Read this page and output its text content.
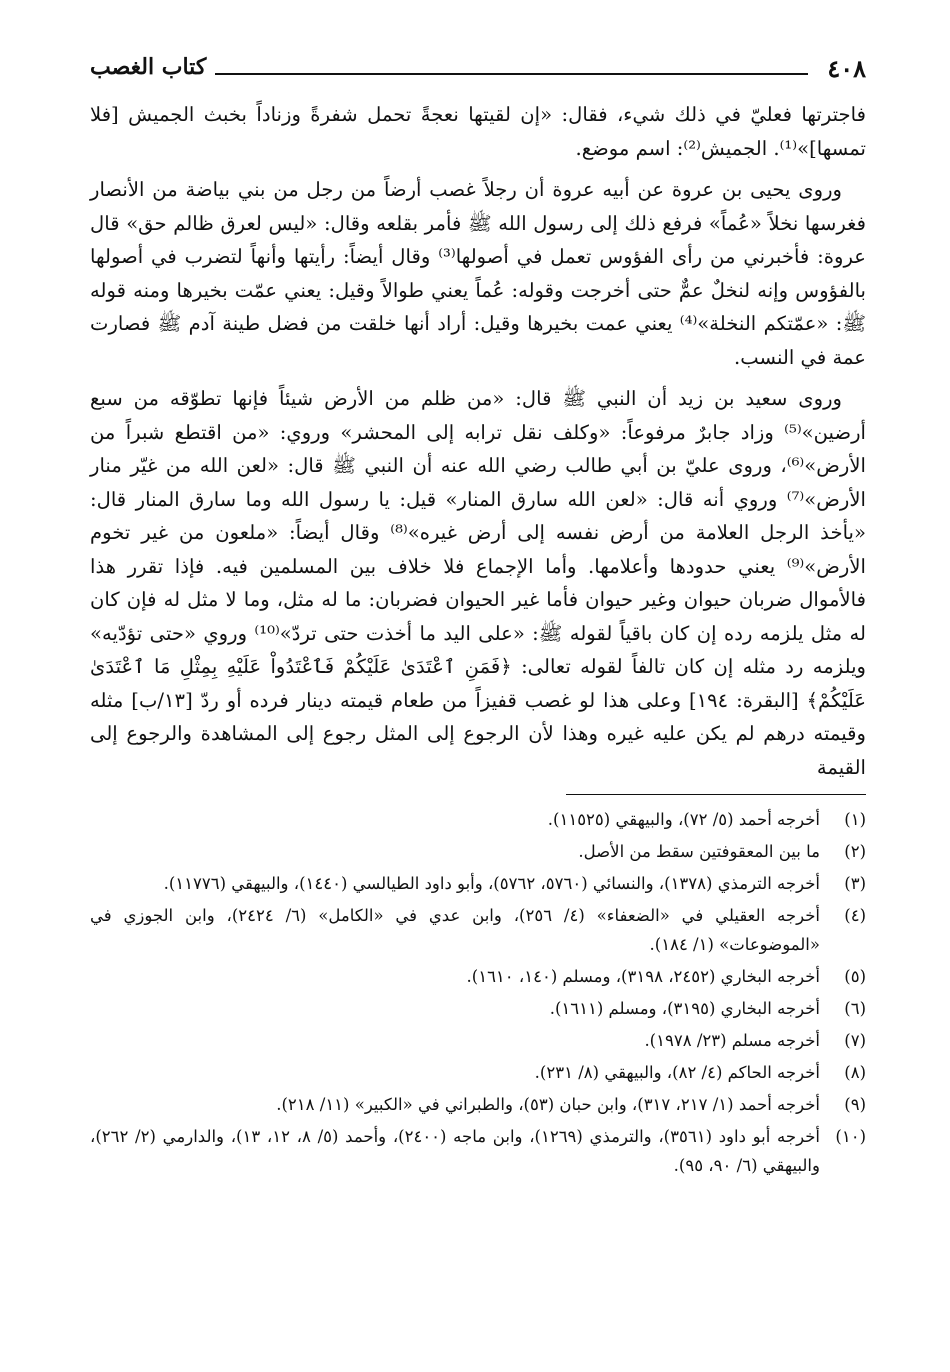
٤٠٨
كتاب الغصب

فاجترتها فعليّ في ذلك شيء، فقال: «إن لقيتها نعجةً تحمل شفرةً وزناداً بخبث الجميش [فلا تمسها]»⁽¹⁾. الجميش⁽²⁾: اسم موضع.

وروى يحيى بن عروة عن أبيه عروة أن رجلاً غصب أرضاً من رجل من بني بياضة من الأنصار فغرسها نخلاً «عُماً» فرفع ذلك إلى رسول الله ﷺ فأمر بقلعه وقال: «ليس لعرق ظالم حق» قال عروة: فأخبرني من رأى الفؤوس تعمل في أصولها⁽³⁾ وقال أيضاً: رأيتها وأنهاً لتضرب في أصولها بالفؤوس وإنه لنخلٌ عمٌّ حتى أخرجت وقوله: عُماً يعني طوالاً وقيل: يعني عمّت بخيرها ومنه قوله ﷺ: «عمّتكم النخلة»⁽⁴⁾ يعني عمت بخيرها وقيل: أراد أنها خلقت من فضل طينة آدم ﷺ فصارت عمة في النسب.

وروى سعيد بن زيد أن النبي ﷺ قال: «من ظلم من الأرض شيئاً فإنها تطوّقه من سبع أرضين»⁽⁵⁾ وزاد جابرٌ مرفوعاً: «وكلف نقل ترابه إلى المحشر» وروي: «من اقتطع شبراً من الأرض»⁽⁶⁾، وروى عليّ بن أبي طالب رضي الله عنه أن النبي ﷺ قال: «لعن الله من غيّر منار الأرض»⁽⁷⁾ وروي أنه قال: «لعن الله سارق المنار» قيل: يا رسول الله وما سارق المنار قال: «يأخذ الرجل العلامة من أرض نفسه إلى أرض غيره»⁽⁸⁾ وقال أيضاً: «ملعون من غير تخوم الأرض»⁽⁹⁾ يعني حدودها وأعلامها. وأما الإجماع فلا خلاف بين المسلمين فيه. فإذا تقرر هذا فالأموال ضربان حيوان وغير حيوان فأما غير الحيوان فضربان: ما له مثل، وما لا مثل له فإن كان له مثل يلزمه رده إن كان باقياً لقوله ﷺ: «على اليد ما أخذت حتى تردّ»⁽¹⁰⁾ وروي «حتى تؤدّيه» ويلزمه رد مثله إن كان تالفاً لقوله تعالى: ﴿فَمَنِ ٱعْتَدَىٰ عَلَيْكُمْ فَٱعْتَدُواْ عَلَيْهِ بِمِثْلِ مَا ٱعْتَدَىٰ عَلَيْكُمْ﴾ [البقرة: ١٩٤] وعلى هذا لو غصب قفيزاً من طعام قيمته دينار فرده أو ردّ [١٣/ب] مثله وقيمته درهم لم يكن عليه غيره وهذا لأن الرجوع إلى المثل رجوع إلى المشاهدة والرجوع إلى القيمة

(١)
أخرجه أحمد (٥/ ٧٢)، والبيهقي (١١٥٢٥).
(٢)
ما بين المعقوفتين سقط من الأصل.
(٣)
أخرجه الترمذي (١٣٧٨)، والنسائي (٥٧٦٠، ٥٧٦٢)، وأبو داود الطيالسي (١٤٤٠)، والبيهقي (١١٧٧٦).
(٤)
أخرجه العقيلي في «الضعفاء» (٤/ ٢٥٦)، وابن عدي في «الكامل» (٦/ ٢٤٢٤)، وابن الجوزي في «الموضوعات» (١/ ١٨٤).
(٥)
أخرجه البخاري (٢٤٥٢، ٣١٩٨)، ومسلم (١٤٠، ١٦١٠).
(٦)
أخرجه البخاري (٣١٩٥)، ومسلم (١٦١١).
(٧)
أخرجه مسلم (٢٣/ ١٩٧٨).
(٨)
أخرجه الحاكم (٤/ ٨٢)، والبيهقي (٨/ ٢٣١).
(٩)
أخرجه أحمد (١/ ٢١٧، ٣١٧)، وابن حبان (٥٣)، والطبراني في «الكبير» (١١/ ٢١٨).
(١٠)
أخرجه أبو داود (٣٥٦١)، والترمذي (١٢٦٩)، وابن ماجه (٢٤٠٠)، وأحمد (٥/ ٨، ١٢، ١٣)، والدارمي (٢/ ٢٦٢)، والبيهقي (٦/ ٩٠، ٩٥).
